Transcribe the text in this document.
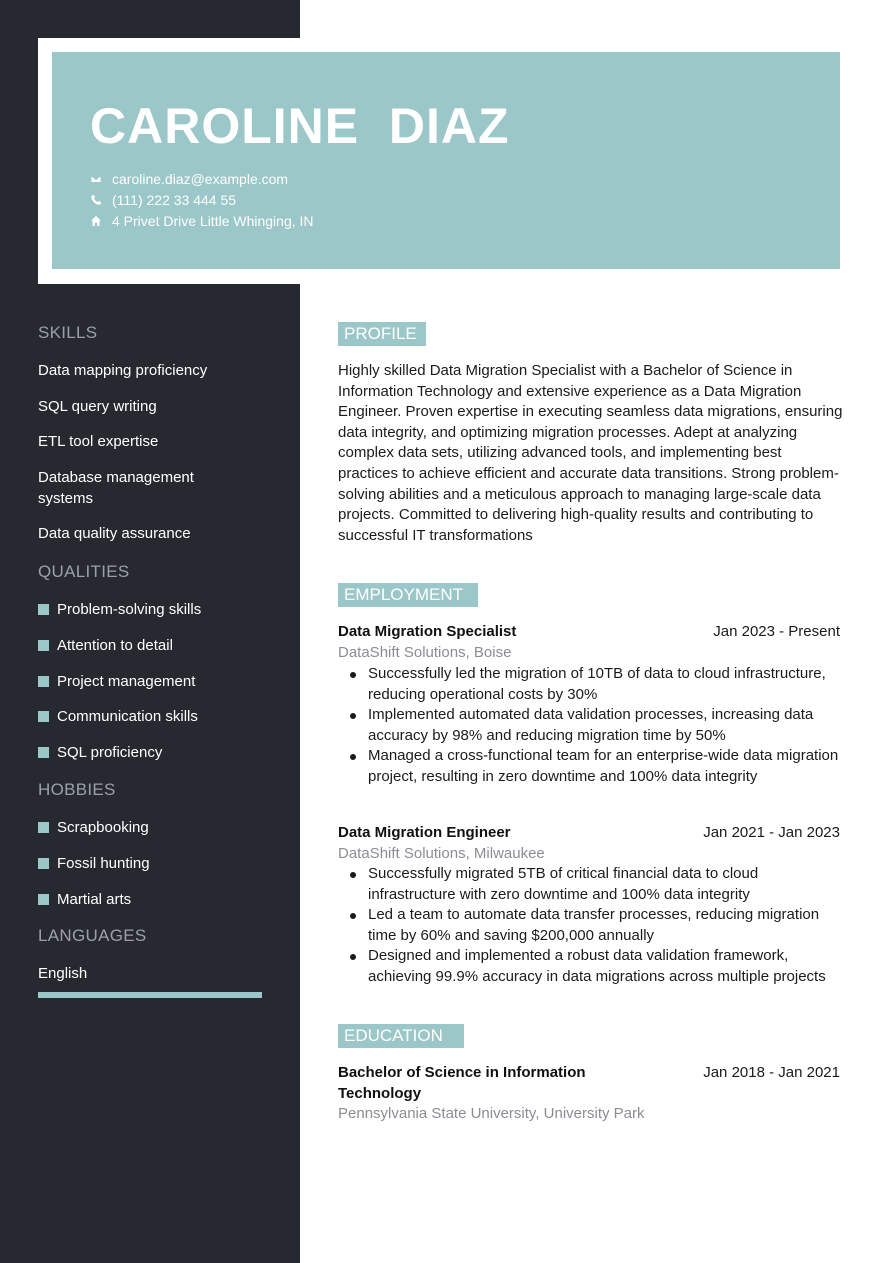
CAROLINE  DIAZ
caroline.diaz@example.com
(111) 222 33 444 55
4 Privet Drive Little Whinging, IN
SKILLS
Data mapping proficiency
SQL query writing
ETL tool expertise
Database management systems
Data quality assurance
QUALITIES
Problem-solving skills
Attention to detail
Project management
Communication skills
SQL proficiency
HOBBIES
Scrapbooking
Fossil hunting
Martial arts
LANGUAGES
English
PROFILE
Highly skilled Data Migration Specialist with a Bachelor of Science in Information Technology and extensive experience as a Data Migration Engineer. Proven expertise in executing seamless data migrations, ensuring data integrity, and optimizing migration processes. Adept at analyzing complex data sets, utilizing advanced tools, and implementing best practices to achieve efficient and accurate data transitions. Strong problem-solving abilities and a meticulous approach to managing large-scale data projects. Committed to delivering high-quality results and contributing to successful IT transformations
EMPLOYMENT
Data Migration Specialist	Jan 2023 - Present
DataShift Solutions, Boise
Successfully led the migration of 10TB of data to cloud infrastructure, reducing operational costs by 30%
Implemented automated data validation processes, increasing data accuracy by 98% and reducing migration time by 50%
Managed a cross-functional team for an enterprise-wide data migration project, resulting in zero downtime and 100% data integrity
Data Migration Engineer	Jan 2021 - Jan 2023
DataShift Solutions, Milwaukee
Successfully migrated 5TB of critical financial data to cloud infrastructure with zero downtime and 100% data integrity
Led a team to automate data transfer processes, reducing migration time by 60% and saving $200,000 annually
Designed and implemented a robust data validation framework, achieving 99.9% accuracy in data migrations across multiple projects
EDUCATION
Bachelor of Science in Information Technology
Jan 2018 - Jan 2021
Pennsylvania State University, University Park
